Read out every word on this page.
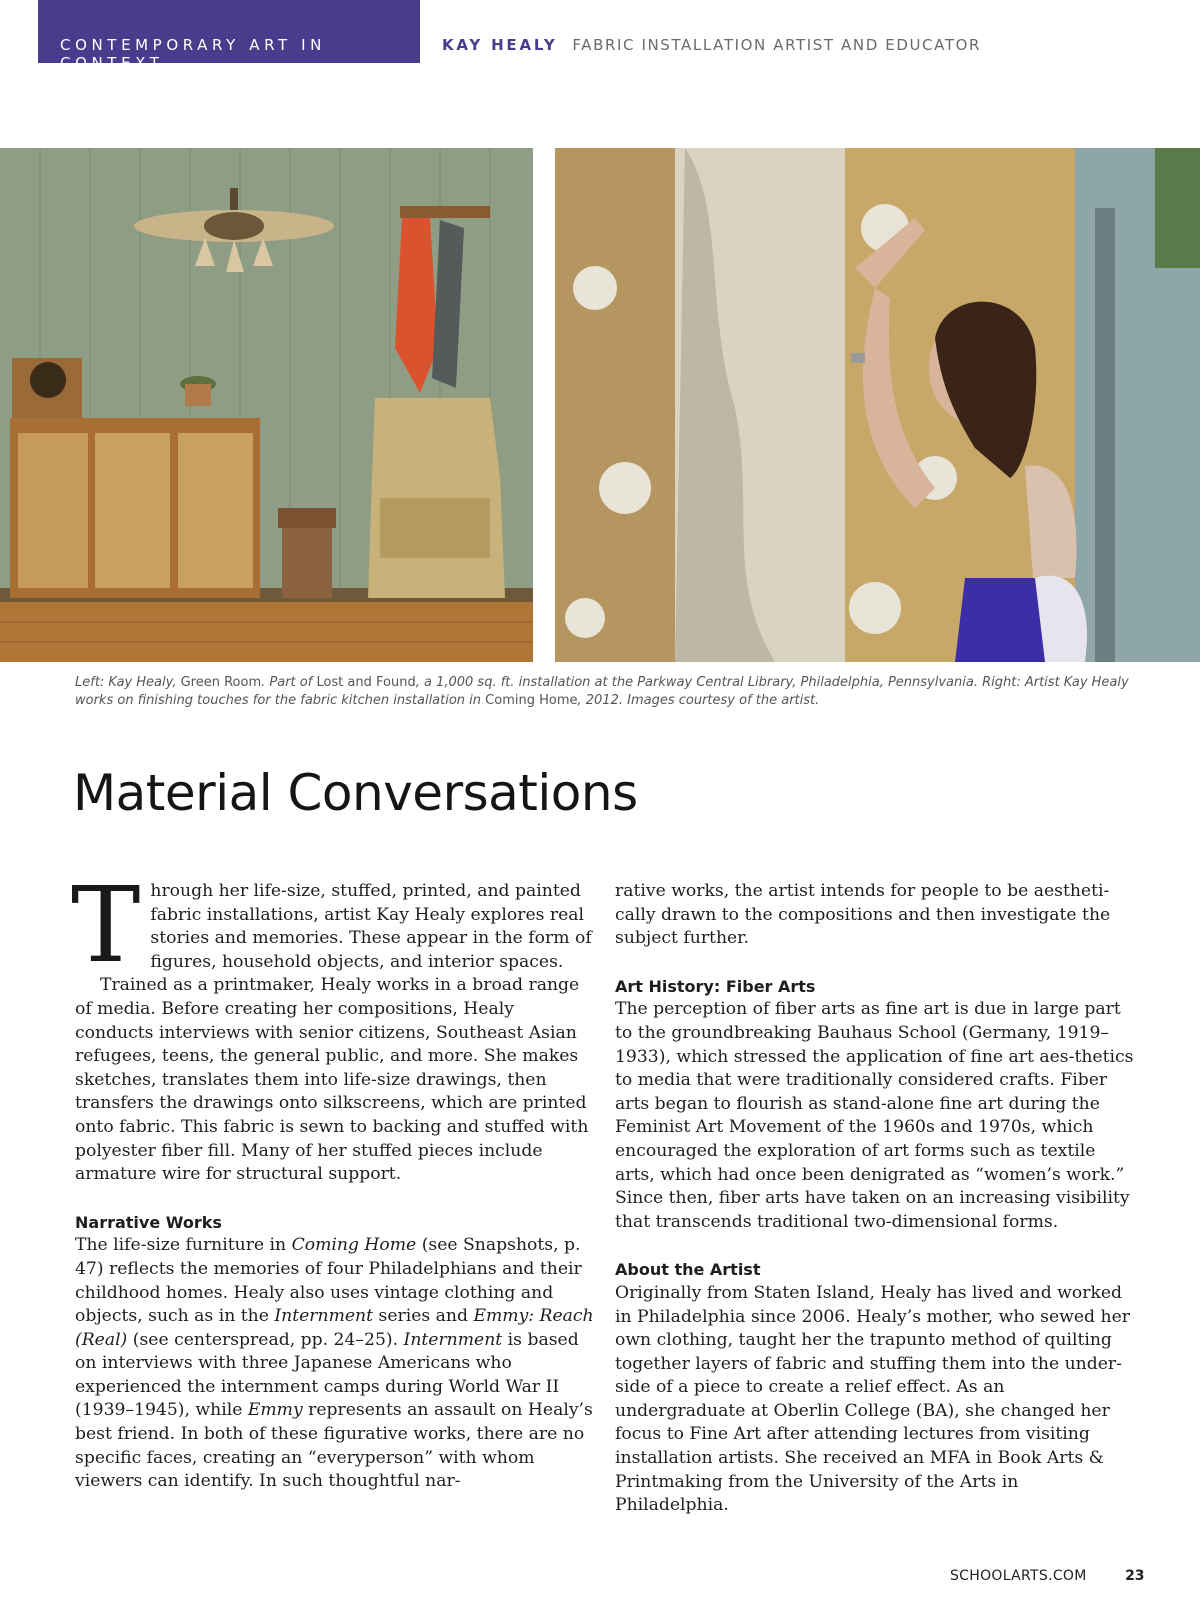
CONTEMPORARY ART IN CONTEXT
KAY HEALY FABRIC INSTALLATION ARTIST AND EDUCATOR
Left: Kay Healy, Green Room. Part of Lost and Found, a 1,000 sq. ft. installation at the Parkway Central Library, Philadelphia, Pennsylvania. Right: Artist Kay Healy works on finishing touches for the fabric kitchen installation in Coming Home, 2012. Images courtesy of the artist.
Material Conversations

Through her life-size, stuffed, printed, and painted fabric installations, artist Kay Healy explores real stories and memories. These appear in the form of figures, household objects, and interior spaces.

Trained as a printmaker, Healy works in a broad range of media. Before creating her compositions, Healy conducts interviews with senior citizens, Southeast Asian refugees, teens, the general public, and more. She makes sketches, translates them into life-size drawings, then transfers the drawings onto silkscreens, which are printed onto fabric. This fabric is sewn to backing and stuffed with polyester fiber fill. Many of her stuffed pieces include armature wire for structural support.

Narrative Works

The life-size furniture in Coming Home (see Snapshots, p. 47) reflects the memories of four Philadelphians and their childhood homes. Healy also uses vintage clothing and objects, such as in the Internment series and Emmy: Reach (Real) (see centerspread, pp. 24–25). Internment is based on interviews with three Japanese Americans who experienced the internment camps during World War II (1939–1945), while Emmy represents an assault on Healy’s best friend. In both of these figurative works, there are no specific faces, creating an “everyperson” with whom viewers can identify. In such thoughtful nar-

rative works, the artist intends for people to be aestheti-cally drawn to the compositions and then investigate the subject further.

Art History: Fiber Arts

The perception of fiber arts as fine art is due in large part to the groundbreaking Bauhaus School (Germany, 1919–1933), which stressed the application of fine art aes-thetics to media that were traditionally considered crafts. Fiber arts began to flourish as stand-alone fine art during the Feminist Art Movement of the 1960s and 1970s, which encouraged the exploration of art forms such as textile arts, which had once been denigrated as “women’s work.” Since then, fiber arts have taken on an increasing visibility that transcends traditional two-dimensional forms.

About the Artist

Originally from Staten Island, Healy has lived and worked in Philadelphia since 2006. Healy’s mother, who sewed her own clothing, taught her the trapunto method of quilting together layers of fabric and stuffing them into the under-side of a piece to create a relief effect. As an undergraduate at Oberlin College (BA), she changed her focus to Fine Art after attending lectures from visiting installation artists. She received an MFA in Book Arts & Printmaking from the University of the Arts in Philadelphia.

SCHOOLARTS.COM	23
